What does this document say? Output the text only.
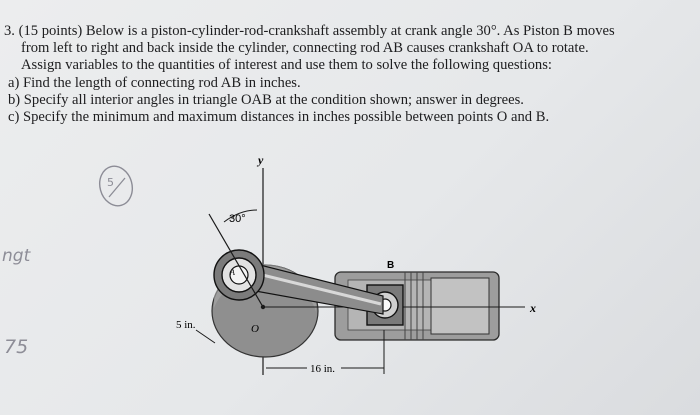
3. (15 points) Below is a piston-cylinder-rod-crankshaft assembly at crank angle 30°. As Piston B moves
from left to right and back inside the cylinder, connecting rod AB causes crankshaft OA to rotate.
Assign variables to the quantities of interest and use them to solve the following questions:
a) Find the length of connecting rod AB in inches.
b) Specify all interior angles in triangle OAB at the condition shown; answer in degrees.
c) Specify the minimum and maximum distances in inches possible between points O and B.
y
x
B
A
O
30°
5 in.
16 in.
5
ngt
75
